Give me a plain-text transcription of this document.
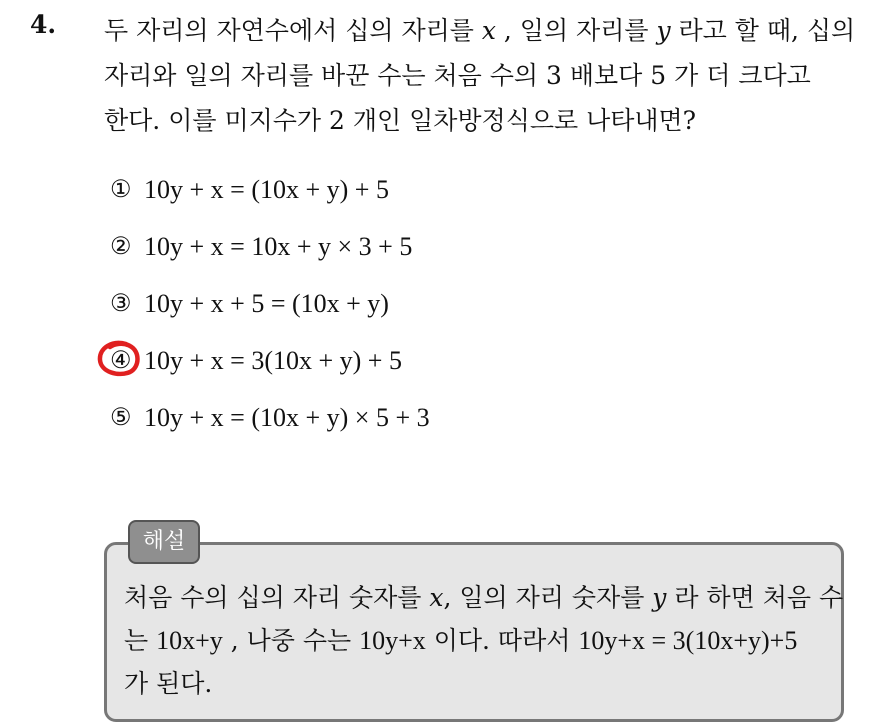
4. 두 자리의 자연수에서 십의 자리를 x , 일의 자리를 y 라고 할 때, 십의
자리와 일의 자리를 바꾼 수는 처음 수의 3 배보다 5 가 더 크다고
한다. 이를 미지수가 2 개인 일차방정식으로 나타내면?
① 10y + x = (10x + y) + 5
② 10y + x = 10x + y × 3 + 5
③ 10y + x + 5 = (10x + y)
④ 10y + x = 3(10x + y) + 5
⑤ 10y + x = (10x + y) × 5 + 3
해설
처음 수의 십의 자리 숫자를 x, 일의 자리 숫자를 y 라 하면 처음 수
는 10x+y , 나중 수는 10y+x 이다. 따라서 10y+x = 3(10x+y)+5
가 된다.
